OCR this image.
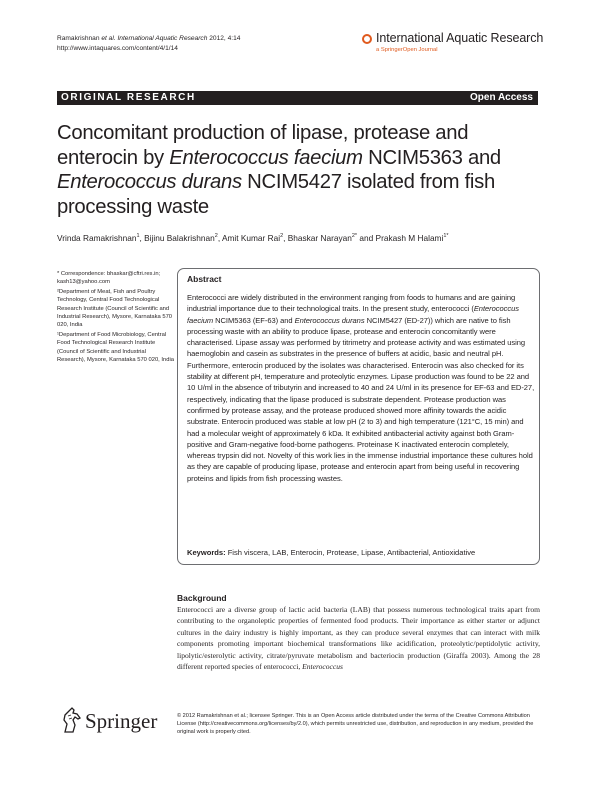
Ramakrishnan et al. International Aquatic Research 2012, 4:14
http://www.intaquares.com/content/4/1/14
International Aquatic Research
a SpringerOpen Journal
ORIGINAL RESEARCH	Open Access
Concomitant production of lipase, protease and enterocin by Enterococcus faecium NCIM5363 and Enterococcus durans NCIM5427 isolated from fish processing waste
Vrinda Ramakrishnan$^1$, Bijinu Balakrishnan$^2$, Amit Kumar Rai$^2$, Bhaskar Narayan$^{2*}$ and Prakash M Halami$^{1*}$

* Correspondence: bhaskar@cftri.res.in; kash13@yahoo.com

²Department of Meat, Fish and Poultry Technology, Central Food Technological Research Institute (Council of Scientific and Industrial Research), Mysore, Karnataka 570 020, India

¹Department of Food Microbiology, Central Food Technological Research Institute (Council of Scientific and Industrial Research), Mysore, Karnataka 570 020, India

Abstract
Enterococci are widely distributed in the environment ranging from foods to humans and are gaining industrial importance due to their technological traits. In the present study, enterococci (Enterococcus faecium NCIM5363 (EF-63) and Enterococcus durans NCIM5427 (ED-27)) which are native to fish processing waste with an ability to produce lipase, protease and enterocin concomitantly were characterised. Lipase assay was performed by titrimetry and protease activity and was estimated using haemoglobin and casein as substrates in the presence of buffers at acidic, basic and neutral pH. Furthermore, enterocin produced by the isolates was characterised. Enterocin was also checked for its stability at different pH, temperature and proteolytic enzymes. Lipase production was found to be 22 and 10 U/ml in the absence of tributyrin and increased to 40 and 24 U/ml in its presence for EF-63 and ED-27, respectively, indicating that the lipase produced is substrate dependent. Protease production was confirmed by protease assay, and the protease produced showed more affinity towards the acidic substrate. Enterocin produced was stable at low pH (2 to 3) and high temperature (121°C, 15 min) and had a molecular weight of approximately 6 kDa. It exhibited antibacterial activity against both Gram-positive and Gram-negative food-borne pathogens. Proteinase K inactivated enterocin completely, whereas trypsin did not. Novelty of this work lies in the immense industrial importance these cultures hold as they are capable of producing lipase, protease and enterocin apart from being useful in recovering proteins and lipids from fish processing wastes.
Keywords: Fish viscera, LAB, Enterocin, Protease, Lipase, Antibacterial, Antioxidative
Background
Enterococci are a diverse group of lactic acid bacteria (LAB) that possess numerous technological traits apart from contributing to the organoleptic properties of fermented food products. Their importance as either starter or adjunct cultures in the dairy industry is highly important, as they can produce several enzymes that can interact with milk components promoting important biochemical transformations like acidification, proteolytic/peptidolytic activity, lipolytic/esterolytic activity, citrate/pyruvate metabolism and bacteriocin production (Giraffa 2003). Among the 28 different reported species of enterococci, Enterococcus
Springer	© 2012 Ramakrishnan et al.; licensee Springer. This is an Open Access article distributed under the terms of the Creative Commons Attribution License (http://creativecommons.org/licenses/by/2.0), which permits unrestricted use, distribution, and reproduction in any medium, provided the original work is properly cited.
